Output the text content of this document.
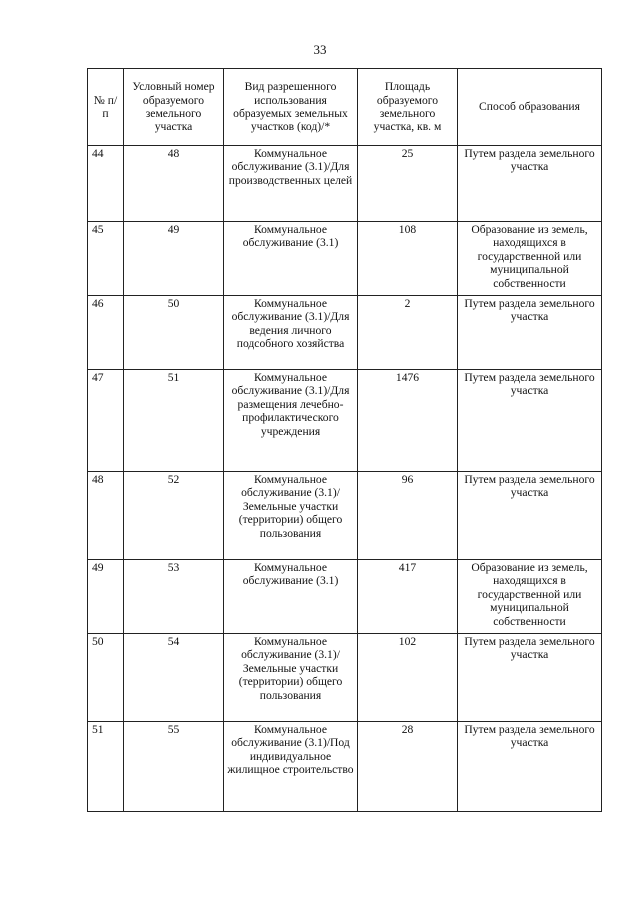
33
№ п/п	Условный номер образуемого земельного участка	Вид разрешенного использования образуемых земельных участков (код)/*	Площадь образуемого земельного участка, кв. м	Способ образования
44	48	Коммунальное обслуживание (3.1)/Для производственных целей	25	Путем раздела земельного участка
45	49	Коммунальное обслуживание (3.1)	108	Образование из земель, находящихся в государственной или муниципальной собственности
46	50	Коммунальное обслуживание (3.1)/Для ведения личного подсобного хозяйства	2	Путем раздела земельного участка
47	51	Коммунальное обслуживание (3.1)/Для размещения лечебно-профилактического учреждения	1476	Путем раздела земельного участка
48	52	Коммунальное обслуживание (3.1)/Земельные участки (территории) общего пользования	96	Путем раздела земельного участка
49	53	Коммунальное обслуживание (3.1)	417	Образование из земель, находящихся в государственной или муниципальной собственности
50	54	Коммунальное обслуживание (3.1)/Земельные участки (территории) общего пользования	102	Путем раздела земельного участка
51	55	Коммунальное обслуживание (3.1)/Под индивидуальное жилищное строительство	28	Путем раздела земельного участка
